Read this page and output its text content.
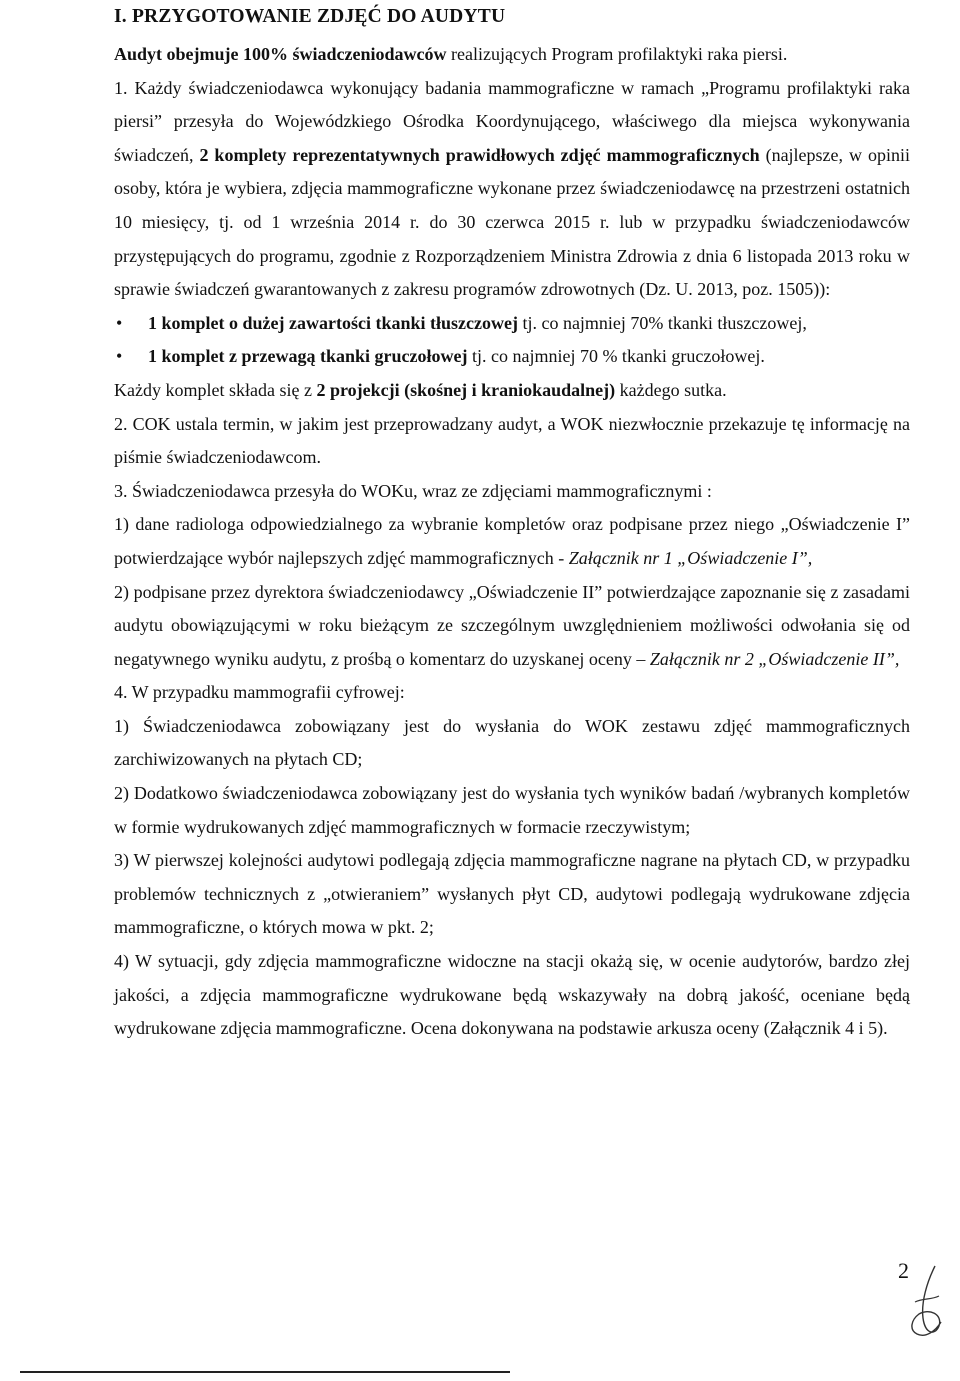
I. PRZYGOTOWANIE ZDJĘĆ DO AUDYTU

Audyt obejmuje 100% świadczeniodawców realizujących Program profilaktyki raka piersi.

1. Każdy świadczeniodawca wykonujący badania mammograficzne w ramach „Programu profilaktyki raka piersi” przesyła do Wojewódzkiego Ośrodka Koordynującego, właściwego dla miejsca wykonywania świadczeń, 2 komplety reprezentatywnych prawidłowych zdjęć mammograficznych (najlepsze, w opinii osoby, która je wybiera, zdjęcia mammograficzne wykonane przez świadczeniodawcę na przestrzeni ostatnich 10 miesięcy, tj. od 1 września 2014 r. do 30 czerwca 2015 r. lub w przypadku świadczeniodawców przystępujących do programu, zgodnie z Rozporządzeniem Ministra Zdrowia z dnia 6 listopada 2013 roku w sprawie świadczeń gwarantowanych z zakresu programów zdrowotnych (Dz. U. 2013, poz. 1505)):

• 1 komplet o dużej zawartości tkanki tłuszczowej tj. co najmniej 70% tkanki tłuszczowej,
• 1 komplet z przewagą tkanki gruczołowej tj. co najmniej 70 % tkanki gruczołowej.

Każdy komplet składa się z 2 projekcji (skośnej i kraniokaudalnej) każdego sutka.

2. COK ustala termin, w jakim jest przeprowadzany audyt, a WOK niezwłocznie przekazuje tę informację na piśmie świadczeniodawcom.

3. Świadczeniodawca przesyła do WOKu, wraz ze zdjęciami mammograficznymi :

1) dane radiologa odpowiedzialnego za wybranie kompletów oraz podpisane przez niego „Oświadczenie I” potwierdzające wybór najlepszych zdjęć mammograficznych - Załącznik nr 1 „Oświadczenie I”,

2) podpisane przez dyrektora świadczeniodawcy „Oświadczenie II” potwierdzające zapoznanie się z zasadami audytu obowiązującymi w roku bieżącym ze szczególnym uwzględnieniem możliwości odwołania się od negatywnego wyniku audytu, z prośbą o komentarz do uzyskanej oceny – Załącznik nr 2 „Oświadczenie II”,

4. W przypadku mammografii cyfrowej:

1) Świadczeniodawca zobowiązany jest do wysłania do WOK zestawu zdjęć mammograficznych zarchiwizowanych na płytach CD;

2) Dodatkowo świadczeniodawca zobowiązany jest do wysłania tych wyników badań /wybranych kompletów w formie wydrukowanych zdjęć mammograficznych w formacie rzeczywistym;

3) W pierwszej kolejności audytowi podlegają zdjęcia mammograficzne nagrane na płytach CD, w przypadku problemów technicznych z „otwieraniem” wysłanych płyt CD, audytowi podlegają wydrukowane zdjęcia mammograficzne, o których mowa w pkt. 2;

4) W sytuacji, gdy zdjęcia mammograficzne widoczne na stacji okażą się, w ocenie audytorów, bardzo złej jakości, a zdjęcia mammograficzne wydrukowane będą wskazywały na dobrą jakość, oceniane będą wydrukowane zdjęcia mammograficzne. Ocena dokonywana na podstawie arkusza oceny (Załącznik 4 i 5).

2
